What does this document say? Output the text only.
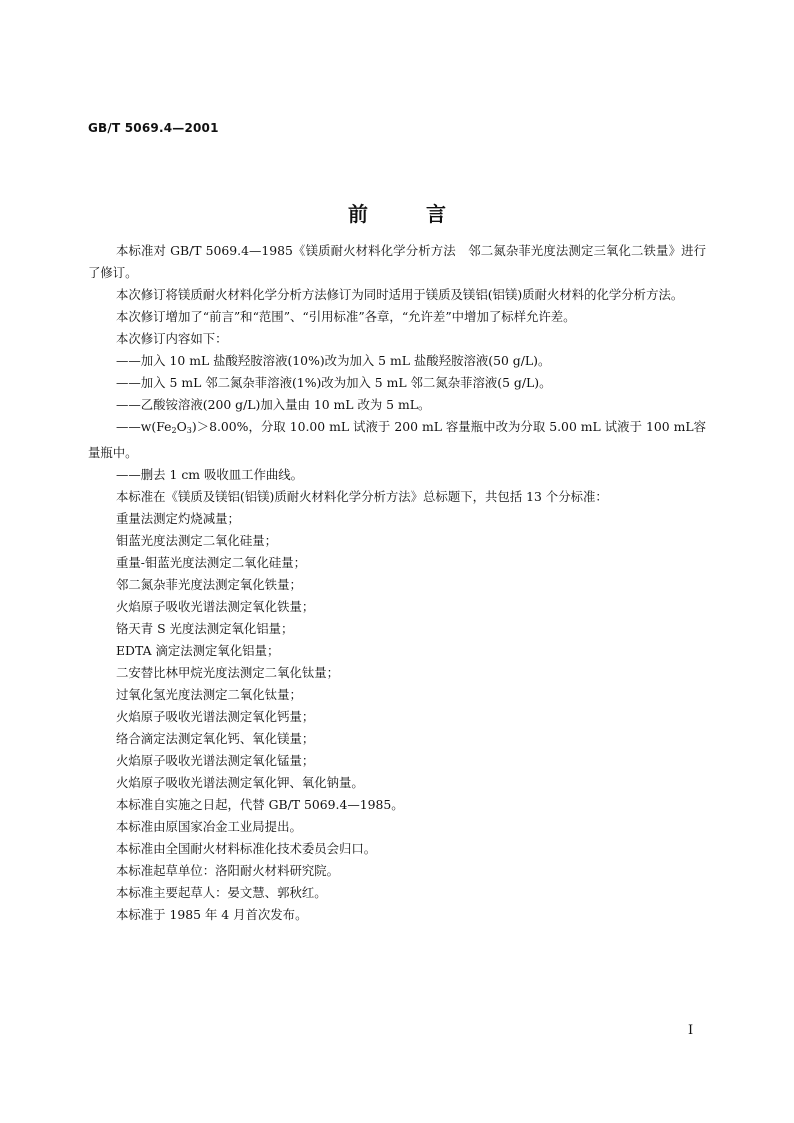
GB/T 5069.4—2001
前	言

本标准对 GB/T 5069.4—1985《镁质耐火材料化学分析方法　邻二氮杂菲光度法测定三氧化二铁量》进行了修订。

本次修订将镁质耐火材料化学分析方法修订为同时适用于镁质及镁铝(铝镁)质耐火材料的化学分析方法。

本次修订增加了“前言”和“范围”、“引用标准”各章，“允许差”中增加了标样允许差。

本次修订内容如下：

——加入 10 mL 盐酸羟胺溶液(10%)改为加入 5 mL 盐酸羟胺溶液(50 g/L)。

——加入 5 mL 邻二氮杂菲溶液(1%)改为加入 5 mL 邻二氮杂菲溶液(5 g/L)。

——乙酸铵溶液(200 g/L)加入量由 10 mL 改为 5 mL。

$——w(Fe_2O_3)>8.00\%$，分取 10.00 mL 试液于 200 mL 容量瓶中改为分取 5.00 mL 试液于 100 mL容量瓶中。

——删去 1 cm 吸收皿工作曲线。

本标准在《镁质及镁铝(铝镁)质耐火材料化学分析方法》总标题下，共包括 13 个分标准：

重量法测定灼烧减量；

钼蓝光度法测定二氧化硅量；

重量-钼蓝光度法测定二氧化硅量；

邻二氮杂菲光度法测定氧化铁量；

火焰原子吸收光谱法测定氧化铁量；

铬天青 S 光度法测定氧化铝量；

EDTA 滴定法测定氧化铝量；

二安替比林甲烷光度法测定二氧化钛量；

过氧化氢光度法测定二氧化钛量；

火焰原子吸收光谱法测定氧化钙量；

络合滴定法测定氧化钙、氧化镁量；

火焰原子吸收光谱法测定氧化锰量；

火焰原子吸收光谱法测定氧化钾、氧化钠量。

本标准自实施之日起，代替 GB/T 5069.4—1985。

本标准由原国家冶金工业局提出。

本标准由全国耐火材料标准化技术委员会归口。

本标准起草单位：洛阳耐火材料研究院。

本标准主要起草人：晏文慧、郭秋红。

本标准于 1985 年 4 月首次发布。

I
